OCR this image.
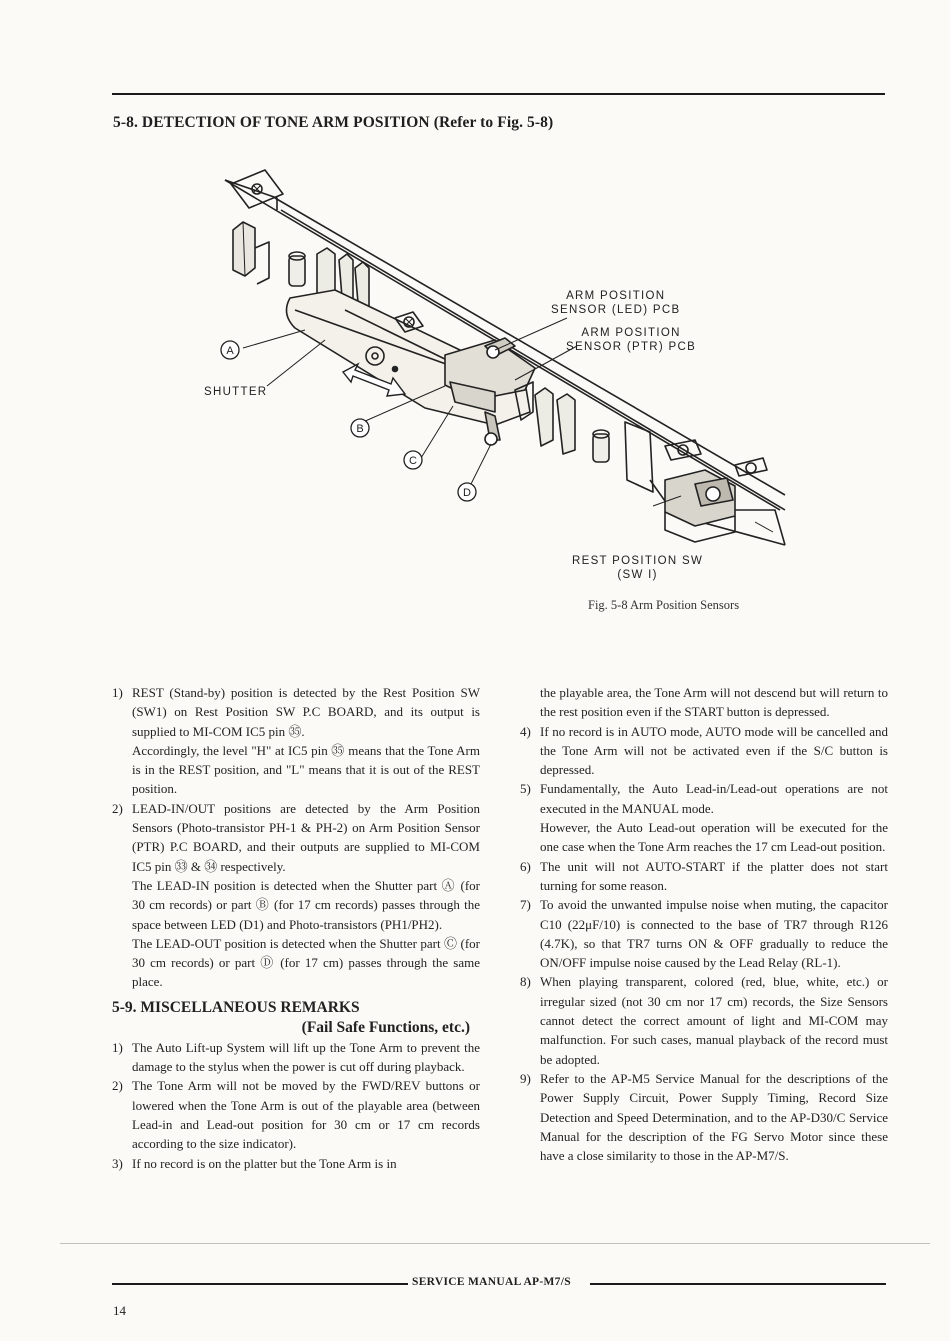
5-8. DETECTION OF TONE ARM POSITION (Refer to Fig. 5-8)
A
B
C
D
ARM POSITION
SENSOR (LED) PCB
ARM POSITION
SENSOR (PTR) PCB
SHUTTER
REST POSITION SW
(SW I)
Fig. 5-8 Arm Position Sensors
1) REST (Stand-by) position is detected by the Rest Position SW (SW1) on Rest Position SW P.C BOARD, and its output is supplied to MI-COM IC5 pin ㉟.
Accordingly, the level "H" at IC5 pin ㉟ means that the Tone Arm is in the REST position, and "L" means that it is out of the REST position.
2) LEAD-IN/OUT positions are detected by the Arm Position Sensors (Photo-transistor PH-1 & PH-2) on Arm Position Sensor (PTR) P.C BOARD, and their outputs are supplied to MI-COM IC5 pin ㉝ & ㉞ respectively.
The LEAD-IN position is detected when the Shutter part Ⓐ (for 30 cm records) or part Ⓑ (for 17 cm records) passes through the space between LED (D1) and Photo-transistors (PH1/PH2).
The LEAD-OUT position is detected when the Shutter part Ⓒ (for 30 cm records) or part Ⓓ (for 17 cm) passes through the same place.
5-9. MISCELLANEOUS REMARKS
(Fail Safe Functions, etc.)
1) The Auto Lift-up System will lift up the Tone Arm to prevent the damage to the stylus when the power is cut off during playback.
2) The Tone Arm will not be moved by the FWD/REV buttons or lowered when the Tone Arm is out of the playable area (between Lead-in and Lead-out position for 30 cm or 17 cm records according to the size indicator).
3) If no record is on the platter but the Tone Arm is in
the playable area, the Tone Arm will not descend but will return to the rest position even if the START button is depressed.
4) If no record is in AUTO mode, AUTO mode will be cancelled and the Tone Arm will not be activated even if the S/C button is depressed.
5) Fundamentally, the Auto Lead-in/Lead-out operations are not executed in the MANUAL mode.
However, the Auto Lead-out operation will be executed for the one case when the Tone Arm reaches the 17 cm Lead-out position.
6) The unit will not AUTO-START if the platter does not start turning for some reason.
7) To avoid the unwanted impulse noise when muting, the capacitor C10 (22μF/10) is connected to the base of TR7 through R126 (4.7K), so that TR7 turns ON & OFF gradually to reduce the ON/OFF impulse noise caused by the Lead Relay (RL-1).
8) When playing transparent, colored (red, blue, white, etc.) or irregular sized (not 30 cm nor 17 cm) records, the Size Sensors cannot detect the correct amount of light and MI-COM may malfunction. For such cases, manual playback of the record must be adopted.
9) Refer to the AP-M5 Service Manual for the descriptions of the Power Supply Circuit, Power Supply Timing, Record Size Detection and Speed Determination, and to the AP-D30/C Service Manual for the description of the FG Servo Motor since these have a close similarity to those in the AP-M7/S.
SERVICE MANUAL AP-M7/S
14
